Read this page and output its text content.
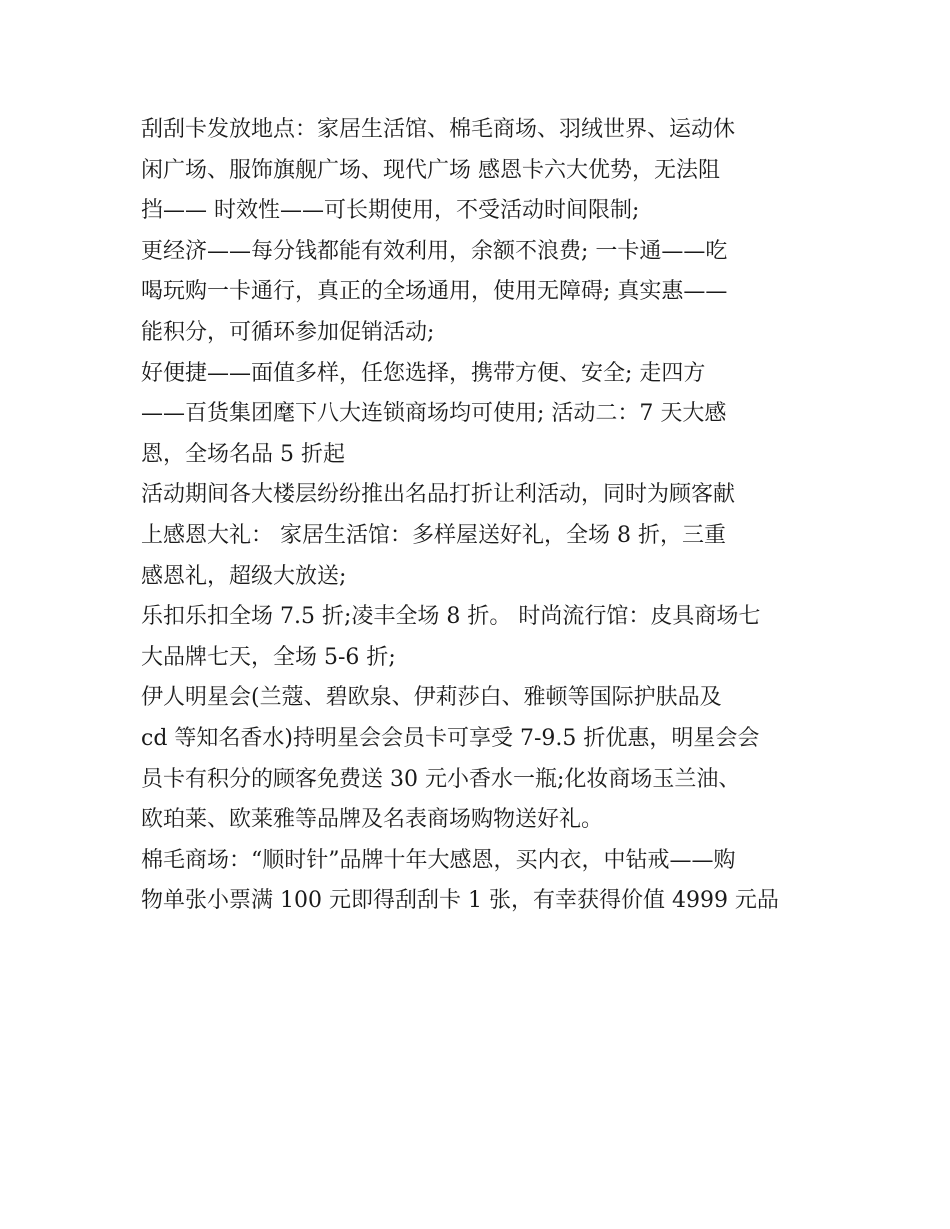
刮刮卡发放地点：家居生活馆、棉毛商场、羽绒世界、运动休
闲广场、服饰旗舰广场、现代广场 感恩卡六大优势，无法阻
挡—— 时效性——可长期使用，不受活动时间限制;
更经济——每分钱都能有效利用，余额不浪费; 一卡通——吃
喝玩购一卡通行，真正的全场通用，使用无障碍; 真实惠——
能积分，可循环参加促销活动;
好便捷——面值多样，任您选择，携带方便、安全; 走四方
——百货集团麾下八大连锁商场均可使用; 活动二：7 天大感
恩，全场名品 5 折起
活动期间各大楼层纷纷推出名品打折让利活动，同时为顾客献
上感恩大礼： 家居生活馆：多样屋送好礼，全场 8 折，三重
感恩礼，超级大放送;
乐扣乐扣全场 7.5 折;凌丰全场 8 折。 时尚流行馆：皮具商场七
大品牌七天，全场 5-6 折;
伊人明星会(兰蔻、碧欧泉、伊莉莎白、雅顿等国际护肤品及
cd 等知名香水)持明星会会员卡可享受 7-9.5 折优惠，明星会会
员卡有积分的顾客免费送 30 元小香水一瓶;化妆商场玉兰油、
欧珀莱、欧莱雅等品牌及名表商场购物送好礼。
棉毛商场：“顺时针”品牌十年大感恩，买内衣，中钻戒——购
物单张小票满 100 元即得刮刮卡 1 张，有幸获得价值 4999 元品
